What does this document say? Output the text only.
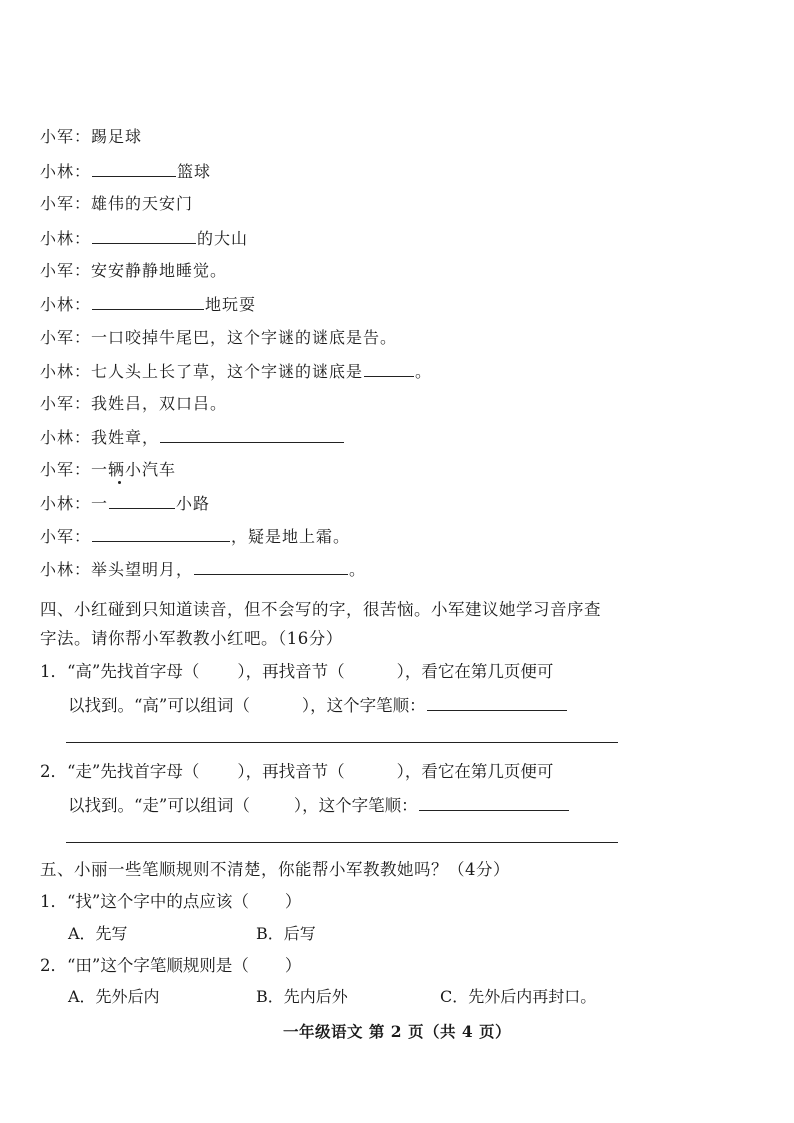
小军：踢足球
小林：	篮球
小军：雄伟的天安门
小林：	的大山
小军：安安静静地睡觉。
小林：	地玩耍
小军：一口咬掉牛尾巴，这个字谜的谜底是告。
小林：七人头上长了草，这个字谜的谜底是	。
小军：我姓吕，双口吕。
小林：我姓章，
小军：一辆小汽车
小林：一	小路
小军：	，疑是地上霜。
小林：举头望明月，	。
四、小红碰到只知道读音，但不会写的字，很苦恼。小军建议她学习音序查
字法。请你帮小军教教小红吧。（16分）
1．“高”先找首字母（ ），再找音节（	），看它在第几页便可
以找到。“高”可以组词（	），这个字笔顺：
2．“走”先找首字母（ ），再找音节（	），看它在第几页便可
以找到。“走”可以组词（	），这个字笔顺：
五、小丽一些笔顺规则不清楚，你能帮小军教教她吗？（4分）
1．“找”这个字中的点应该（ ）
A．先写	B．后写
2．“田”这个字笔顺规则是（ ）
A．先外后内	B．先内后外	C．先外后内再封口。
一年级语文 第 2 页（共 4 页）
